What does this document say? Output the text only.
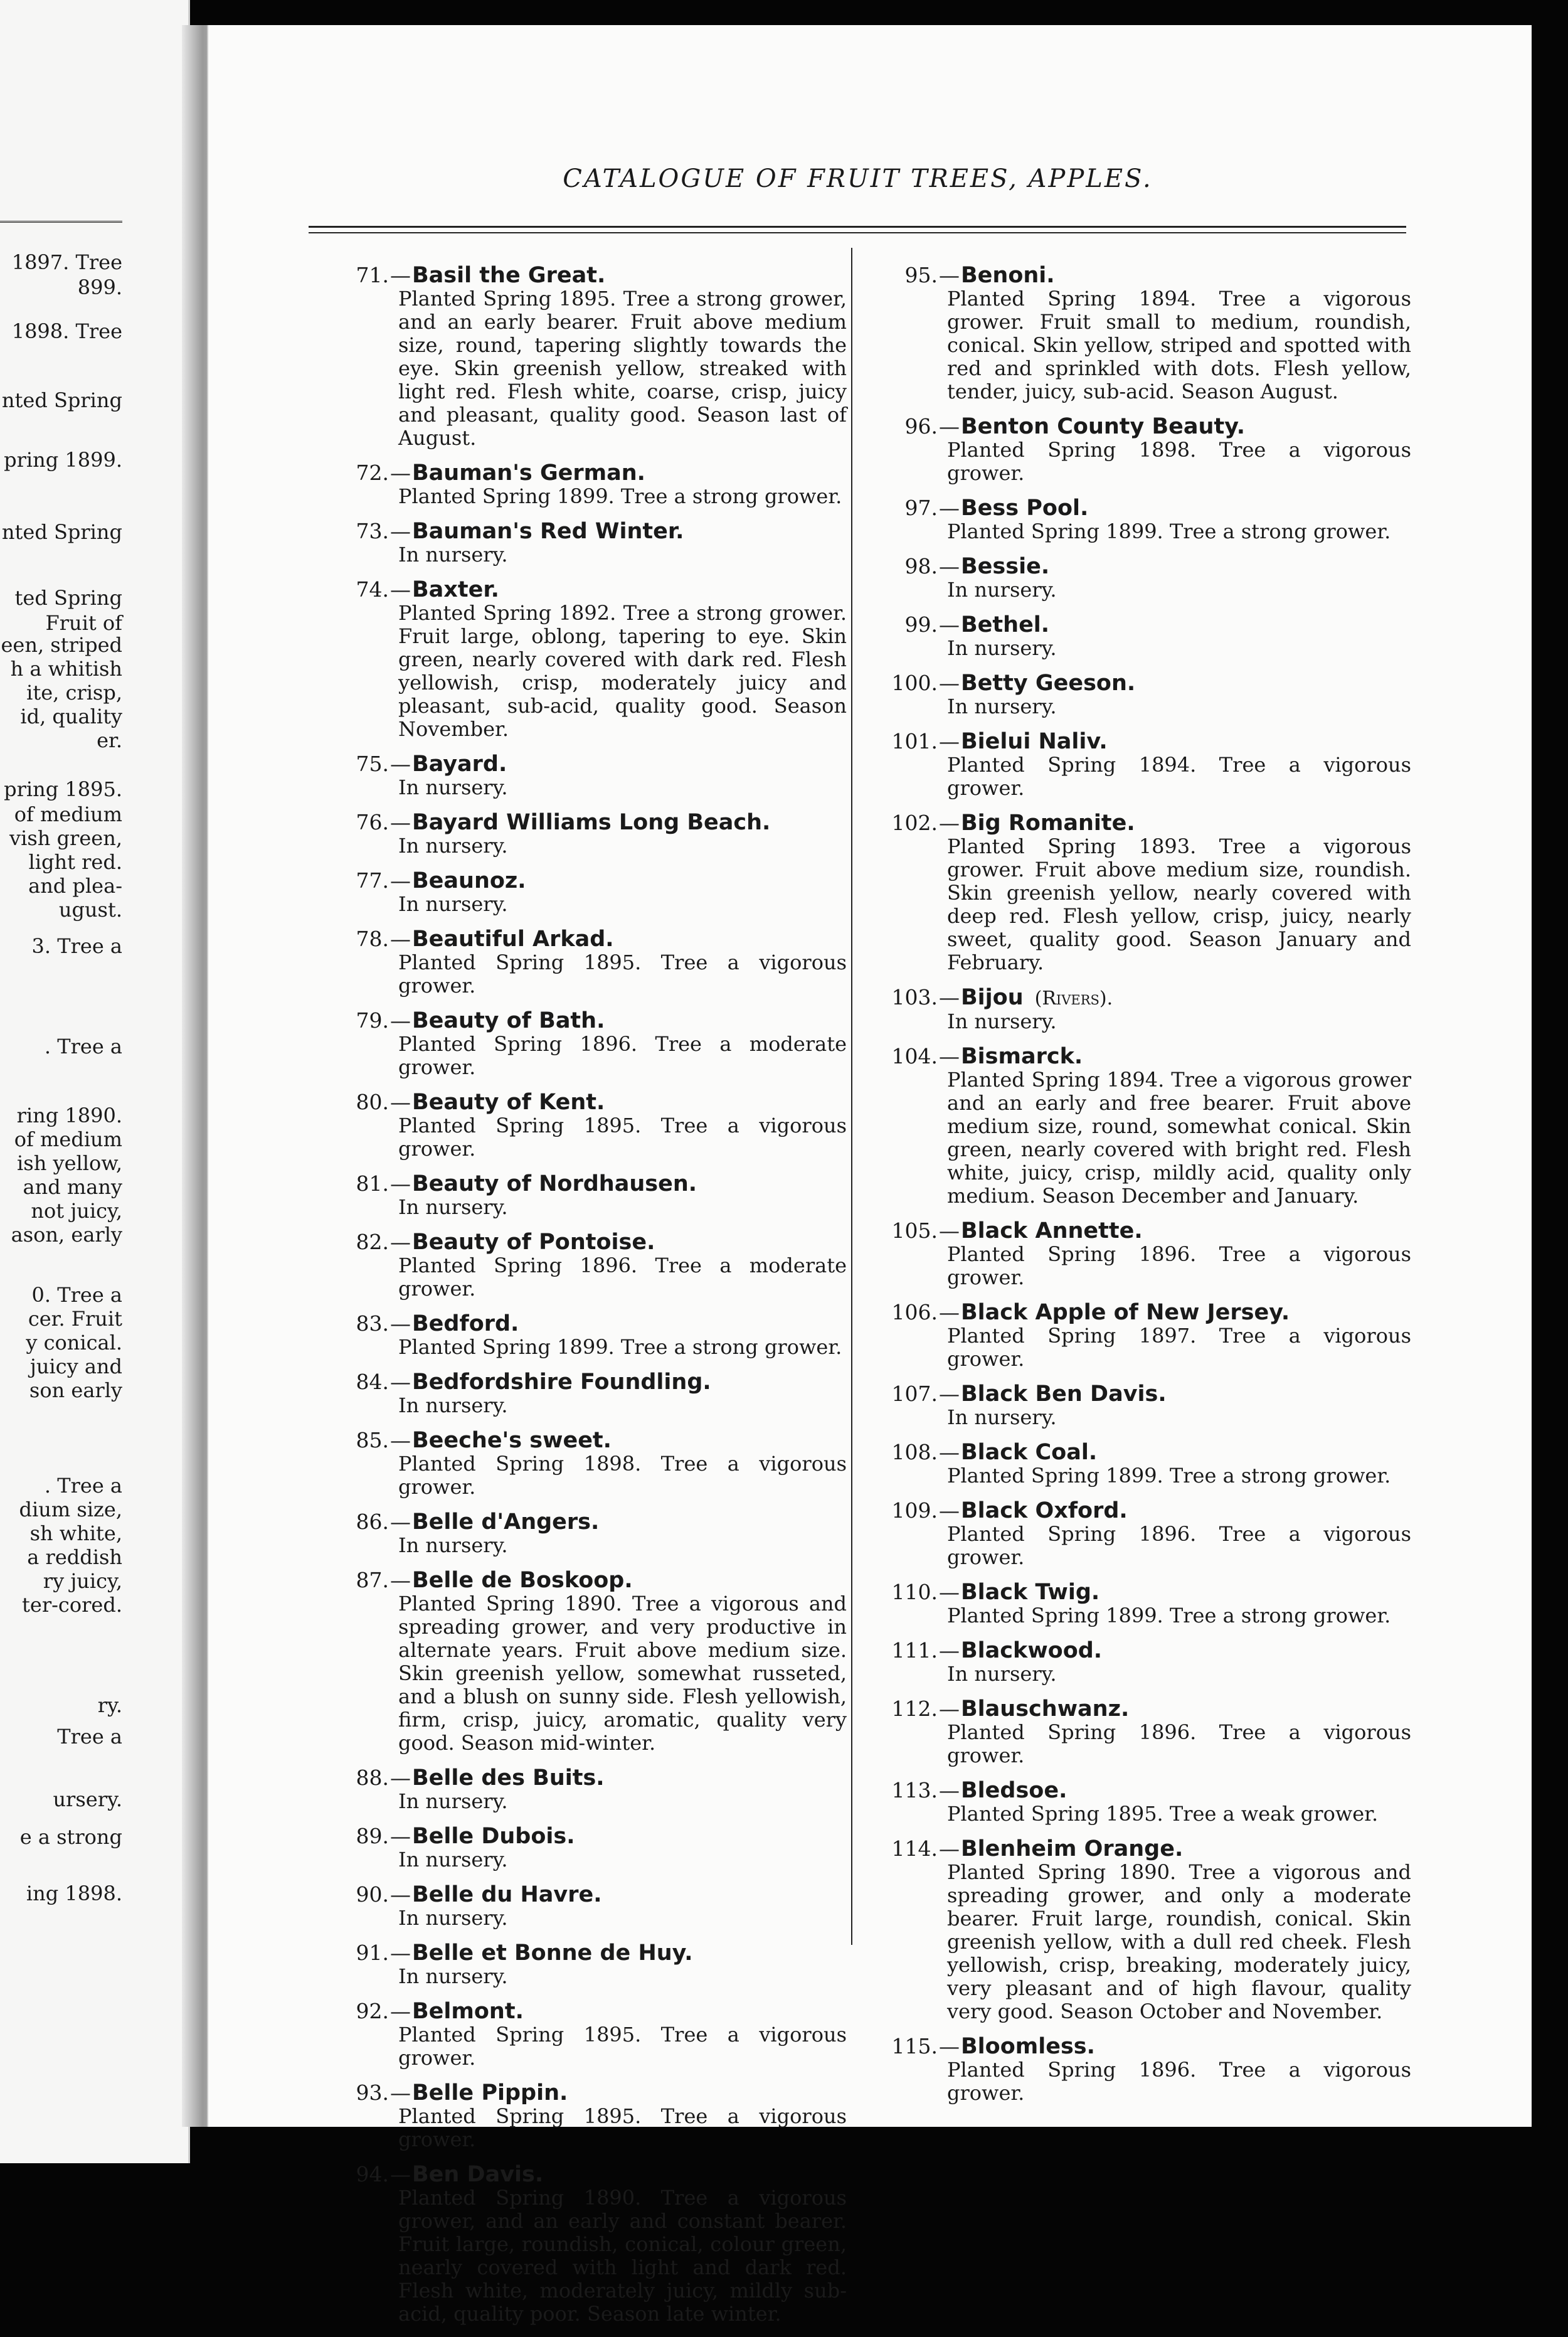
1897. Tree
899.
1898. Tree
nted Spring
pring 1899.
nted Spring
ted Spring
Fruit of
een, striped
h a whitish
ite, crisp,
id, quality
er.
pring 1895.
of medium
vish green,
light red.
and plea-
ugust.
3. Tree a
. Tree a
ring 1890.
of medium
ish yellow,
and many
not juicy,
ason, early
0. Tree a
cer. Fruit
y conical.
juicy and
son early
. Tree a
dium size,
sh white,
a reddish
ry juicy,
ter-cored.
ry.
Tree a
ursery.
e a strong
ing 1898.
CATALOGUE OF FRUIT TREES, APPLES.
71. — Basil the Great.
Planted Spring 1895. Tree a strong grower, and an early bearer. Fruit above medium size, round, tapering slightly towards the eye. Skin greenish yellow, streaked with light red. Flesh white, coarse, crisp, juicy and pleasant, quality good. Season last of August.
72. — Bauman's German.
Planted Spring 1899. Tree a strong grower.
73. — Bauman's Red Winter.
In nursery.
74. — Baxter.
Planted Spring 1892. Tree a strong grower. Fruit large, oblong, tapering to eye. Skin green, nearly covered with dark red. Flesh yellowish, crisp, moderately juicy and pleasant, sub-acid, quality good. Season November.
75. — Bayard.
In nursery.
76. — Bayard Williams Long Beach.
In nursery.
77. — Beaunoz.
In nursery.
78. — Beautiful Arkad.
Planted Spring 1895. Tree a vigorous grower.
79. — Beauty of Bath.
Planted Spring 1896. Tree a moderate grower.
80. — Beauty of Kent.
Planted Spring 1895. Tree a vigorous grower.
81. — Beauty of Nordhausen.
In nursery.
82. — Beauty of Pontoise.
Planted Spring 1896. Tree a moderate grower.
83. — Bedford.
Planted Spring 1899. Tree a strong grower.
84. — Bedfordshire Foundling.
In nursery.
85. — Beeche's sweet.
Planted Spring 1898. Tree a vigorous grower.
86. — Belle d'Angers.
In nursery.
87. — Belle de Boskoop.
Planted Spring 1890. Tree a vigorous and spreading grower, and very productive in alternate years. Fruit above medium size. Skin greenish yellow, somewhat russeted, and a blush on sunny side. Flesh yellowish, firm, crisp, juicy, aromatic, quality very good. Season mid-winter.
88. — Belle des Buits.
In nursery.
89. — Belle Dubois.
In nursery.
90. — Belle du Havre.
In nursery.
91. — Belle et Bonne de Huy.
In nursery.
92. — Belmont.
Planted Spring 1895. Tree a vigorous grower.
93. — Belle Pippin.
Planted Spring 1895. Tree a vigorous grower.
94. — Ben Davis.
Planted Spring 1890. Tree a vigorous grower, and an early and constant bearer. Fruit large, roundish, conical, colour green, nearly covered with light and dark red. Flesh white, moderately juicy, mildly sub-acid, quality poor. Season late winter.
95. — Benoni.
Planted Spring 1894. Tree a vigorous grower. Fruit small to medium, roundish, conical. Skin yellow, striped and spotted with red and sprinkled with dots. Flesh yellow, tender, juicy, sub-acid. Season August.
96. — Benton County Beauty.
Planted Spring 1898. Tree a vigorous grower.
97. — Bess Pool.
Planted Spring 1899. Tree a strong grower.
98. — Bessie.
In nursery.
99. — Bethel.
In nursery.
100. — Betty Geeson.
In nursery.
101. — Bielui Naliv.
Planted Spring 1894. Tree a vigorous grower.
102. — Big Romanite.
Planted Spring 1893. Tree a vigorous grower. Fruit above medium size, roundish. Skin greenish yellow, nearly covered with deep red. Flesh yellow, crisp, juicy, nearly sweet, quality good. Season January and February.
103. — Bijou (Rivers).
In nursery.
104. — Bismarck.
Planted Spring 1894. Tree a vigorous grower and an early and free bearer. Fruit above medium size, round, somewhat conical. Skin green, nearly covered with bright red. Flesh white, juicy, crisp, mildly acid, quality only medium. Season December and January.
105. — Black Annette.
Planted Spring 1896. Tree a vigorous grower.
106. — Black Apple of New Jersey.
Planted Spring 1897. Tree a vigorous grower.
107. — Black Ben Davis.
In nursery.
108. — Black Coal.
Planted Spring 1899. Tree a strong grower.
109. — Black Oxford.
Planted Spring 1896. Tree a vigorous grower.
110. — Black Twig.
Planted Spring 1899. Tree a strong grower.
111. — Blackwood.
In nursery.
112. — Blauschwanz.
Planted Spring 1896. Tree a vigorous grower.
113. — Bledsoe.
Planted Spring 1895. Tree a weak grower.
114. — Blenheim Orange.
Planted Spring 1890. Tree a vigorous and spreading grower, and only a moderate bearer. Fruit large, roundish, conical. Skin greenish yellow, with a dull red cheek. Flesh yellowish, crisp, breaking, moderately juicy, very pleasant and of high flavour, quality very good. Season October and November.
115. — Bloomless.
Planted Spring 1896. Tree a vigorous grower.
